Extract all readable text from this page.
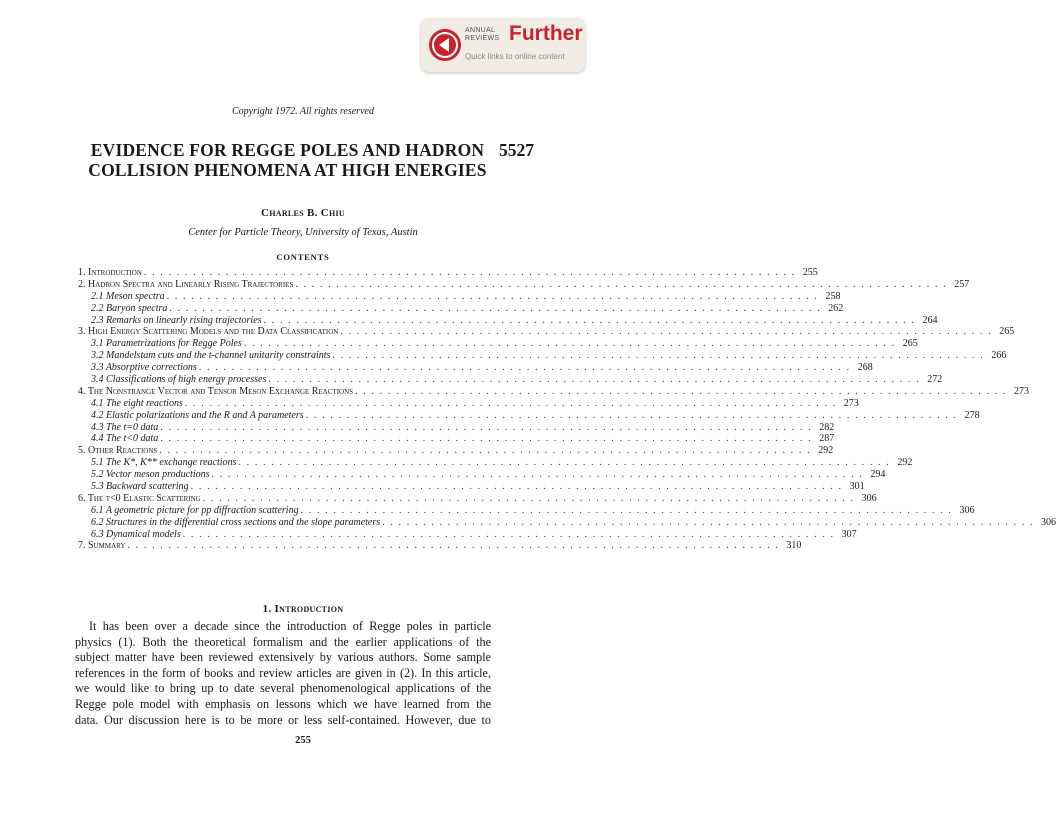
ANNUAL
REVIEWS Further
Quick links to online content
Copyright 1972. All rights reserved
EVIDENCE FOR REGGE POLES AND HADRON COLLISION PHENOMENA AT HIGH ENERGIES
5527
Charles B. Chiu
Center for Particle Theory, University of Texas, Austin
CONTENTS
1. Introduction . . . . . . . . . . . . . . . . . . . . . . . . . . . . . . . . . . . . . . . . . . . . . . . . . . . . . . . . . . . . . . . . . . . . . . . . . . . . . . . . 255
2. Hadron Spectra and Linearly Rising Trajectories . . . . . . . . . . . . . . . . . . . . . . . . . . . . . . . . . . . . . . . . . . . . . . . . . . . . . . . . . . . . . . . . . . . . . . . . . . . . . . . . 257
2.1 Meson spectra . . . . . . . . . . . . . . . . . . . . . . . . . . . . . . . . . . . . . . . . . . . . . . . . . . . . . . . . . . . . . . . . . . . . . . . . . . . . . . . . 258
2.2 Baryon spectra . . . . . . . . . . . . . . . . . . . . . . . . . . . . . . . . . . . . . . . . . . . . . . . . . . . . . . . . . . . . . . . . . . . . . . . . . . . . . . . . 262
2.3 Remarks on linearly rising trajectories . . . . . . . . . . . . . . . . . . . . . . . . . . . . . . . . . . . . . . . . . . . . . . . . . . . . . . . . . . . . . . . . . . . . . . . . . . . . . . . . 264
3. High Energy Scattering Models and the Data Classification . . . . . . . . . . . . . . . . . . . . . . . . . . . . . . . . . . . . . . . . . . . . . . . . . . . . . . . . . . . . . . . . . . . . . . . . . . . . . . . . 265
3.1 Parametrizations for Regge Poles . . . . . . . . . . . . . . . . . . . . . . . . . . . . . . . . . . . . . . . . . . . . . . . . . . . . . . . . . . . . . . . . . . . . . . . . . . . . . . . . 265
3.2 Mandelstam cuts and the t-channel unitarity constraints . . . . . . . . . . . . . . . . . . . . . . . . . . . . . . . . . . . . . . . . . . . . . . . . . . . . . . . . . . . . . . . . . . . . . . . . . . . . . . . . 266
3.3 Absorptive corrections . . . . . . . . . . . . . . . . . . . . . . . . . . . . . . . . . . . . . . . . . . . . . . . . . . . . . . . . . . . . . . . . . . . . . . . . . . . . . . . . 268
3.4 Classifications of high energy processes . . . . . . . . . . . . . . . . . . . . . . . . . . . . . . . . . . . . . . . . . . . . . . . . . . . . . . . . . . . . . . . . . . . . . . . . . . . . . . . . 272
4. The Nonstrange Vector and Tensor Meson Exchange Reactions . . . . . . . . . . . . . . . . . . . . . . . . . . . . . . . . . . . . . . . . . . . . . . . . . . . . . . . . . . . . . . . . . . . . . . . . . . . . . . . . 273
4.1 The eight reactions . . . . . . . . . . . . . . . . . . . . . . . . . . . . . . . . . . . . . . . . . . . . . . . . . . . . . . . . . . . . . . . . . . . . . . . . . . . . . . . . 273
4.2 Elastic polarizations and the R and A parameters . . . . . . . . . . . . . . . . . . . . . . . . . . . . . . . . . . . . . . . . . . . . . . . . . . . . . . . . . . . . . . . . . . . . . . . . . . . . . . . . 278
4.3 The t=0 data . . . . . . . . . . . . . . . . . . . . . . . . . . . . . . . . . . . . . . . . . . . . . . . . . . . . . . . . . . . . . . . . . . . . . . . . . . . . . . . . 282
4.4 The t<0 data . . . . . . . . . . . . . . . . . . . . . . . . . . . . . . . . . . . . . . . . . . . . . . . . . . . . . . . . . . . . . . . . . . . . . . . . . . . . . . . . 287
5. Other Reactions . . . . . . . . . . . . . . . . . . . . . . . . . . . . . . . . . . . . . . . . . . . . . . . . . . . . . . . . . . . . . . . . . . . . . . . . . . . . . . . . 292
5.1 The K*, K** exchange reactions . . . . . . . . . . . . . . . . . . . . . . . . . . . . . . . . . . . . . . . . . . . . . . . . . . . . . . . . . . . . . . . . . . . . . . . . . . . . . . . . 292
5.2 Vector meson productions . . . . . . . . . . . . . . . . . . . . . . . . . . . . . . . . . . . . . . . . . . . . . . . . . . . . . . . . . . . . . . . . . . . . . . . . . . . . . . . . 294
5.3 Backward scattering . . . . . . . . . . . . . . . . . . . . . . . . . . . . . . . . . . . . . . . . . . . . . . . . . . . . . . . . . . . . . . . . . . . . . . . . . . . . . . . . 301
6. The t<0 Elastic Scattering . . . . . . . . . . . . . . . . . . . . . . . . . . . . . . . . . . . . . . . . . . . . . . . . . . . . . . . . . . . . . . . . . . . . . . . . . . . . . . . . 306
6.1 A geometric picture for pp diffraction scattering . . . . . . . . . . . . . . . . . . . . . . . . . . . . . . . . . . . . . . . . . . . . . . . . . . . . . . . . . . . . . . . . . . . . . . . . . . . . . . . . 306
6.2 Structures in the differential cross sections and the slope parameters . . . . . . . . . . . . . . . . . . . . . . . . . . . . . . . . . . . . . . . . . . . . . . . . . . . . . . . . . . . . . . . . . . . . . . . . . . . . . . . . 306
6.3 Dynamical models . . . . . . . . . . . . . . . . . . . . . . . . . . . . . . . . . . . . . . . . . . . . . . . . . . . . . . . . . . . . . . . . . . . . . . . . . . . . . . . . 307
7. Summary . . . . . . . . . . . . . . . . . . . . . . . . . . . . . . . . . . . . . . . . . . . . . . . . . . . . . . . . . . . . . . . . . . . . . . . . . . . . . . . . 310
1. Introduction
It has been over a decade since the introduction of Regge poles in particle
physics (1). Both the theoretical formalism and the earlier applications of the
subject matter have been reviewed extensively by various authors. Some sample
references in the form of books and review articles are given in (2). In this article,
we would like to bring up to date several phenomenological applications of the
Regge pole model with emphasis on lessons which we have learned from the
data. Our discussion here is to be more or less self-contained. However, due to
255
